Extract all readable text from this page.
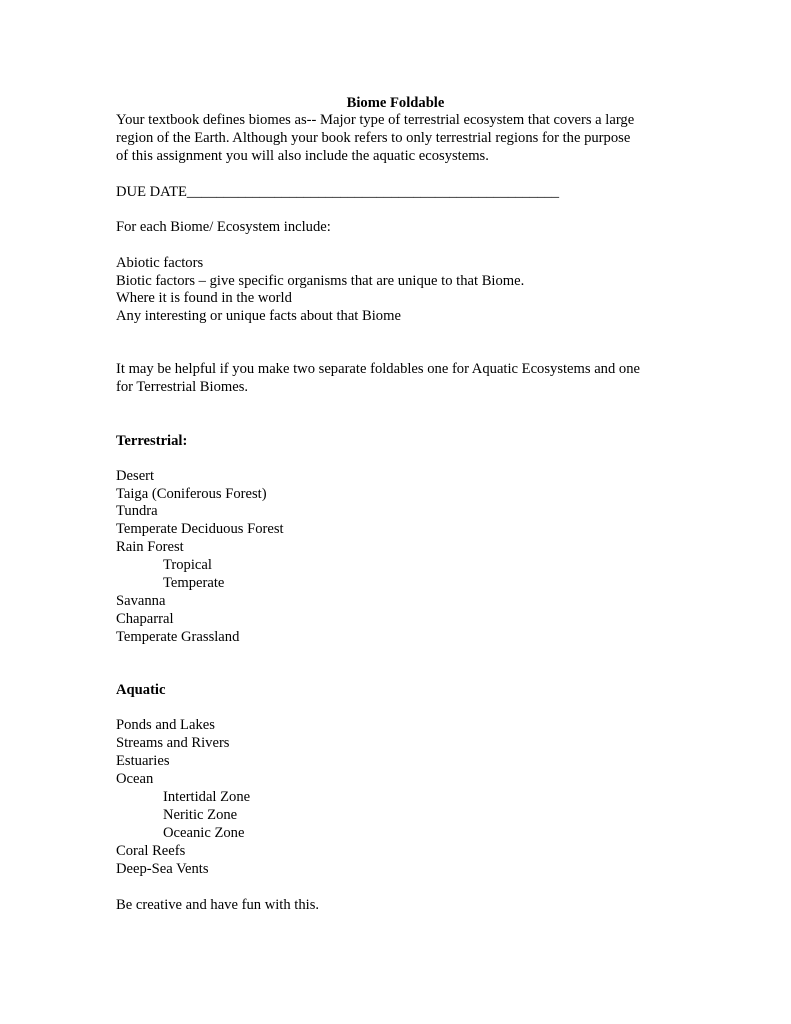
Biome Foldable
Your textbook defines biomes as-- Major type of terrestrial ecosystem that covers a large
region of the Earth. Although your book refers to only terrestrial regions for the purpose
of this assignment you will also include the aquatic ecosystems.
DUE DATE___________________________________________________
For each Biome/ Ecosystem include:
Abiotic factors
Biotic factors – give specific organisms that are unique to that Biome.
Where it is found in the world
Any interesting or unique facts about that Biome
It may be helpful if you make two separate foldables one for Aquatic Ecosystems and one
for Terrestrial Biomes.
Terrestrial:
Desert
Taiga (Coniferous Forest)
Tundra
Temperate Deciduous Forest
Rain Forest
Tropical
Temperate
Savanna
Chaparral
Temperate Grassland
Aquatic
Ponds and Lakes
Streams and Rivers
Estuaries
Ocean
Intertidal Zone
Neritic Zone
Oceanic Zone
Coral Reefs
Deep-Sea Vents
Be creative and have fun with this.
